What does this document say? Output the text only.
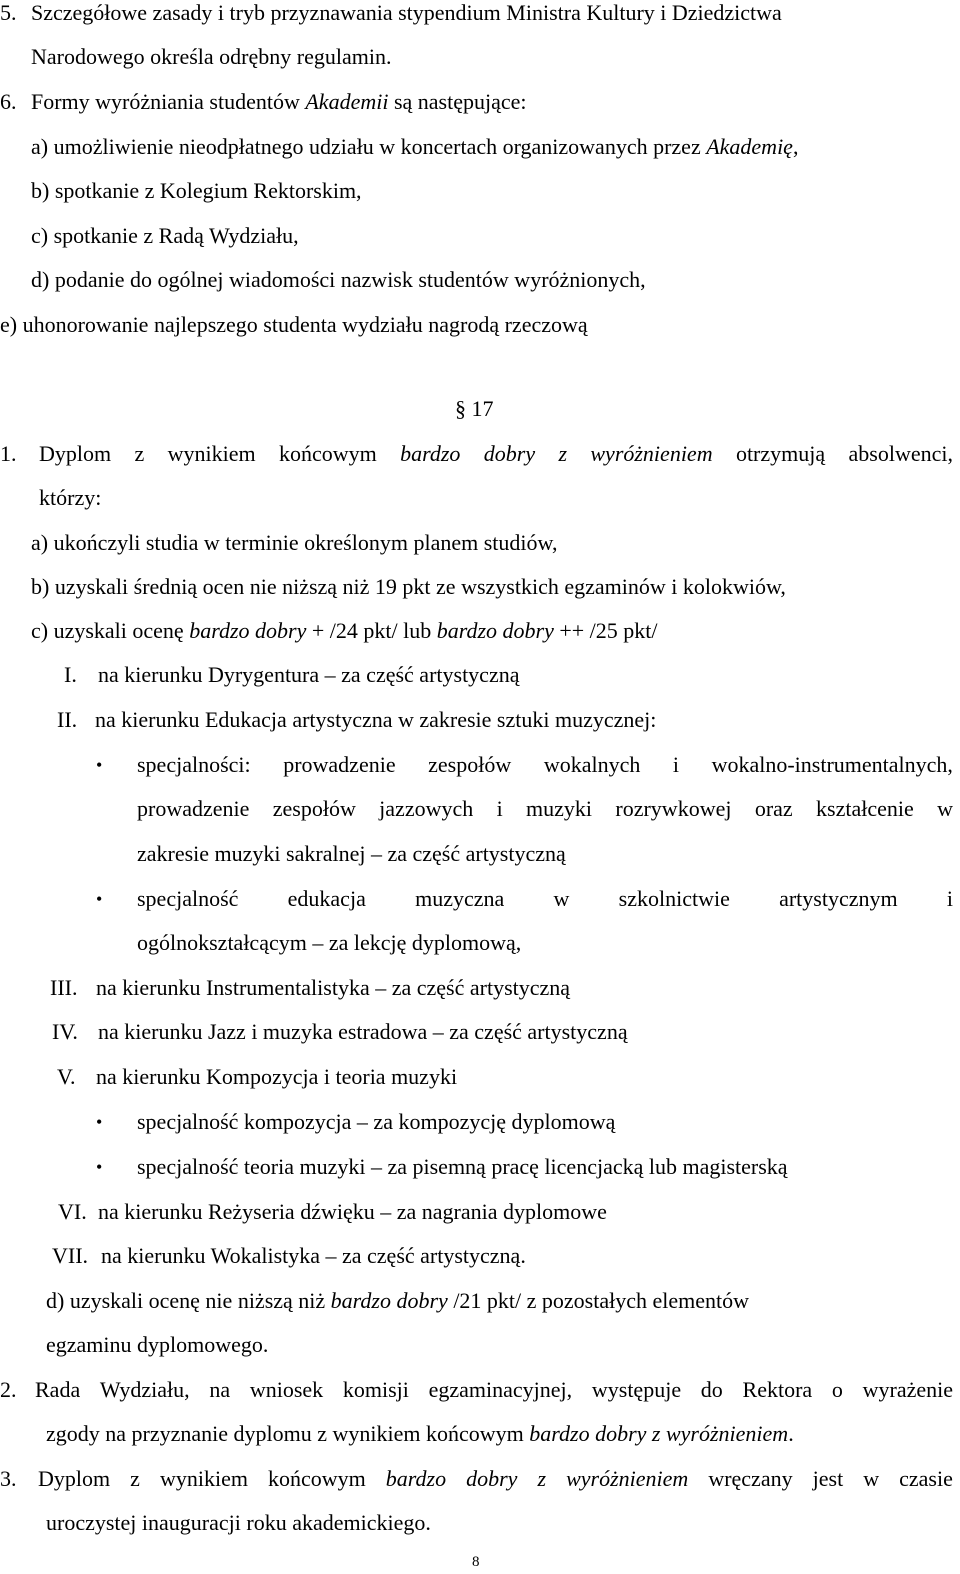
5. Szczegółowe zasady i tryb przyznawania stypendium Ministra Kultury i Dziedzictwa
Narodowego określa odrębny regulamin.
6. Formy wyróżniania studentów Akademii są następujące:
a) umożliwienie nieodpłatnego udziału w koncertach organizowanych przez Akademię,
b) spotkanie z Kolegium Rektorskim,
c) spotkanie z Radą Wydziału,
d) podanie do ogólnej wiadomości nazwisk studentów wyróżnionych,
e) uhonorowanie najlepszego studenta wydziału nagrodą rzeczową
§ 17
1. Dyplom z wynikiem końcowym bardzo dobry z wyróżnieniem otrzymują absolwenci,
którzy:
a) ukończyli studia w terminie określonym planem studiów,
b) uzyskali średnią ocen nie niższą niż 19 pkt ze wszystkich egzaminów i kolokwiów,
c) uzyskali ocenę bardzo dobry + /24 pkt/ lub bardzo dobry ++ /25 pkt/
I. na kierunku Dyrygentura – za część artystyczną
II. na kierunku Edukacja artystyczna w zakresie sztuki muzycznej:
• specjalności: prowadzenie zespołów wokalnych i wokalno-instrumentalnych,
prowadzenie zespołów jazzowych i muzyki rozrywkowej oraz kształcenie w
zakresie muzyki sakralnej – za część artystyczną
• specjalność edukacja muzyczna w szkolnictwie artystycznym i
ogólnokształcącym – za lekcję dyplomową,
III. na kierunku Instrumentalistyka – za część artystyczną
IV. na kierunku Jazz i muzyka estradowa – za część artystyczną
V. na kierunku Kompozycja i teoria muzyki
• specjalność kompozycja – za kompozycję dyplomową
• specjalność teoria muzyki – za pisemną pracę licencjacką lub magisterską
VI. na kierunku Reżyseria dźwięku – za nagrania dyplomowe
VII. na kierunku Wokalistyka – za część artystyczną.
d) uzyskali ocenę nie niższą niż bardzo dobry /21 pkt/ z pozostałych elementów
egzaminu dyplomowego.
2. Rada Wydziału, na wniosek komisji egzaminacyjnej, występuje do Rektora o wyrażenie
zgody na przyznanie dyplomu z wynikiem końcowym bardzo dobry z wyróżnieniem.
3. Dyplom z wynikiem końcowym bardzo dobry z wyróżnieniem wręczany jest w czasie
uroczystej inauguracji roku akademickiego.
8
